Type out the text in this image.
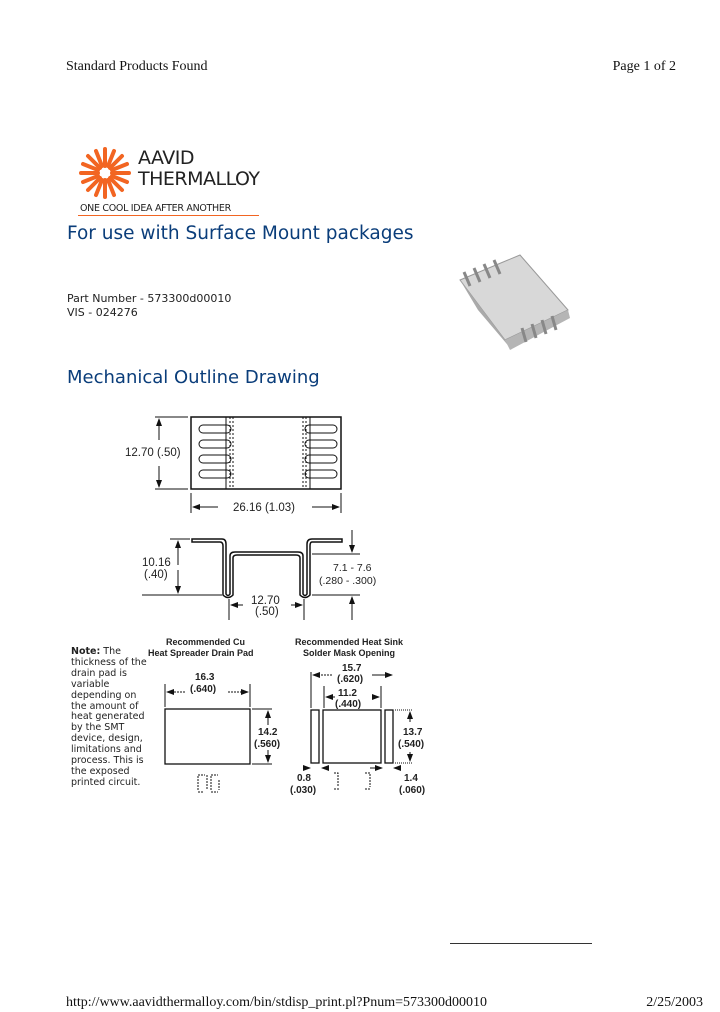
Standard Products Found	Page 1 of 2
AAVID
THERMALLOY
ONE COOL IDEA AFTER ANOTHER
For use with Surface Mount packages
Part Number - 573300d00010
VIS - 024276
Mechanical Outline Drawing
12.70 (.50)
26.16 (1.03)
10.16
(.40)
12.70
(.50)
7.1 - 7.6
(.280 - .300)
Recommended Cu
Heat Spreader Drain Pad
16.3
(.640)
14.2
(.560)
Recommended Heat Sink
Solder Mask Opening
15.7
(.620)
11.2
(.440)
13.7
(.540)
0.8
(.030)
1.4
(.060)
Note: The thickness of the drain pad is variable depending on the amount of heat generated by the SMT device, design, limitations and process. This is the exposed printed circuit.
http://www.aavidthermalloy.com/bin/stdisp_print.pl?Pnum=573300d00010	2/25/2003
